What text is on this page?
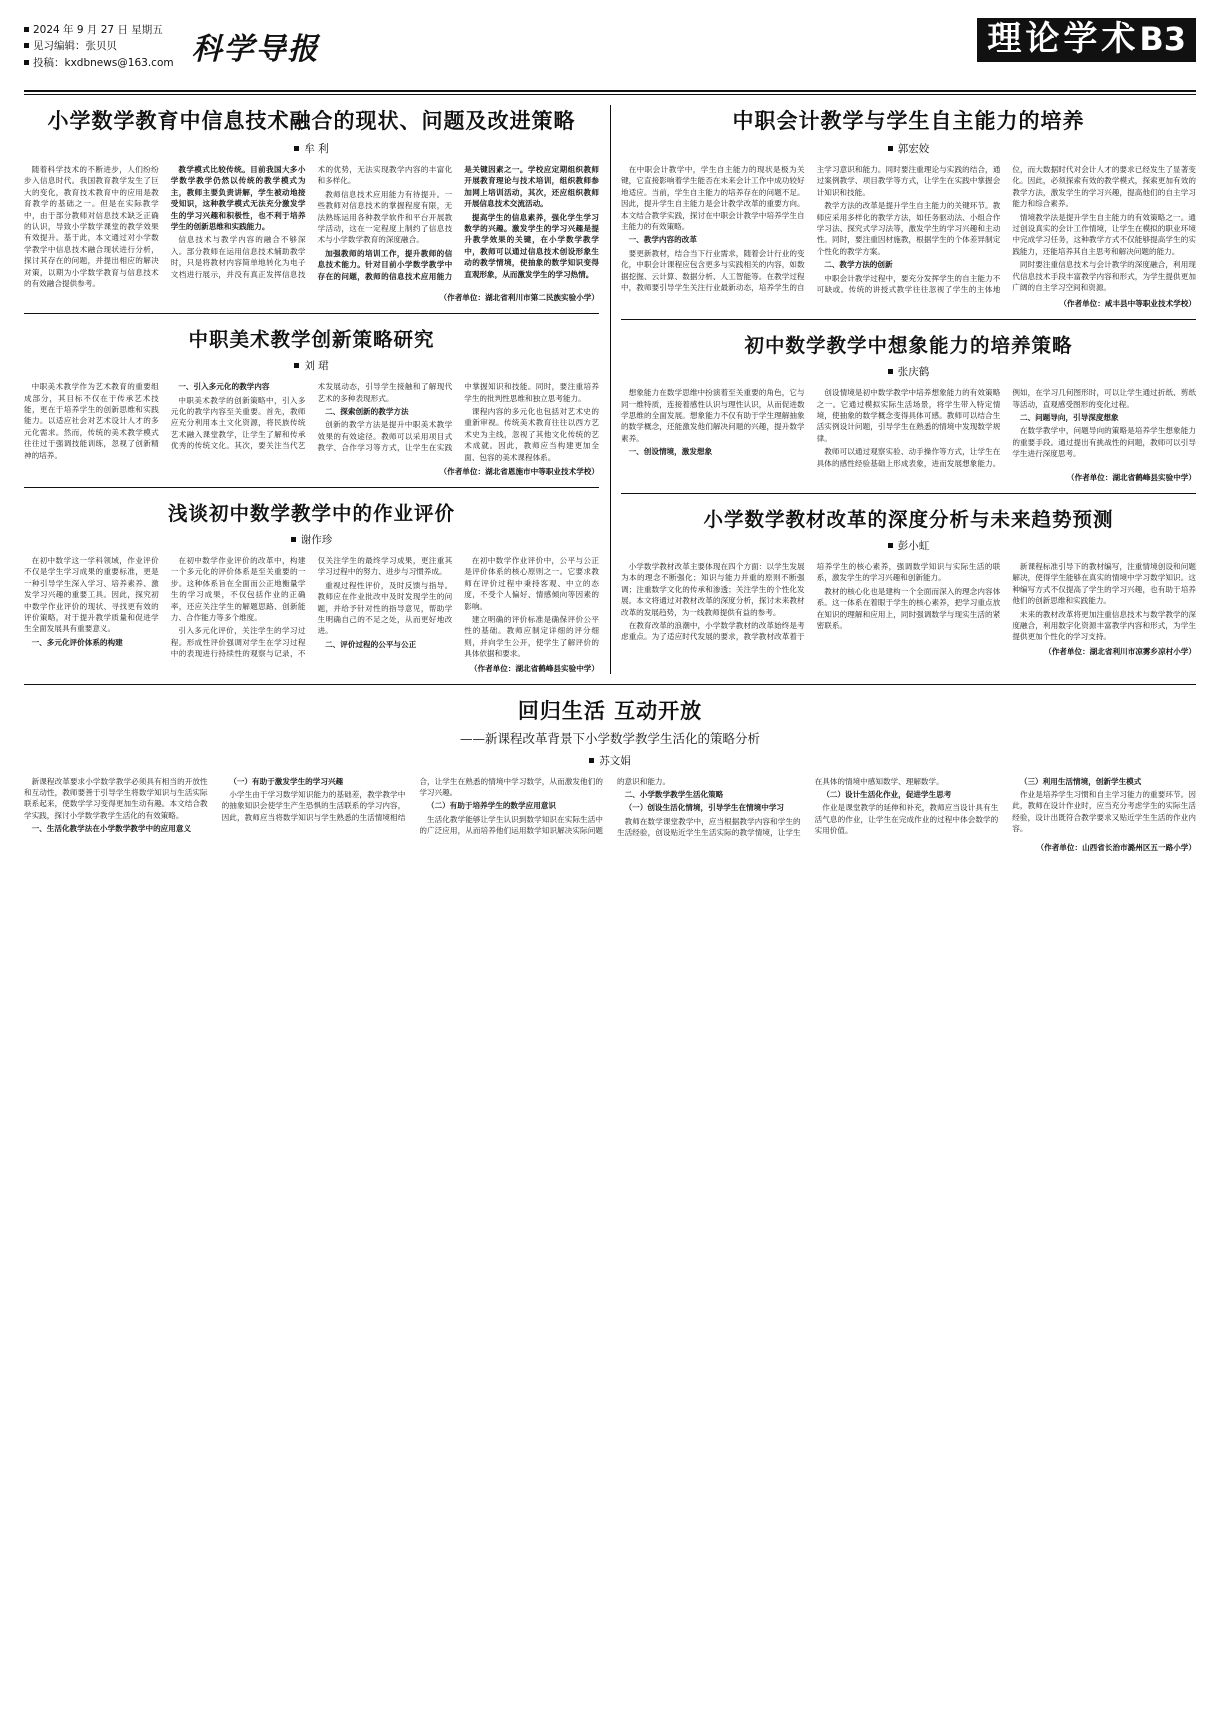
2024 年 9 月 27 日 星期五
见习编辑：张贝贝
投稿：kxdbnews@163.com 科学导报	理论学术B3
小学数学教育中信息技术融合的现状、问题及改进策略
牟 利

随着科学技术的不断进步，人们纷纷步入信息时代。我国教育教学发生了巨大的变化，教育技术教育中的应用是教育教学的基础之一。但是在实际教学中，由于部分教师对信息技术缺乏正确的认识，导致小学数学课堂的教学效果有效提升。基于此，本文通过对小学数学教学中信息技术融合现状进行分析，探讨其存在的问题，并提出相应的解决对策，以期为小学数学教育与信息技术的有效融合提供参考。

教学模式比较传统。目前我国大多小学数学教学仍然以传统的教学模式为主，教师主要负责讲解，学生被动地接受知识，这种教学模式无法充分激发学生的学习兴趣和积极性，也不利于培养学生的创新思维和实践能力。

信息技术与教学内容的融合不够深入。部分教师在运用信息技术辅助教学时，只是将教材内容简单地转化为电子文档进行展示，并没有真正发挥信息技术的优势，无法实现教学内容的丰富化和多样化。

教师信息技术应用能力有待提升。一些教师对信息技术的掌握程度有限，无法熟练运用各种教学软件和平台开展教学活动，这在一定程度上制约了信息技术与小学数学教育的深度融合。

加强教师的培训工作，提升教师的信息技术能力。针对目前小学数学教学中存在的问题，教师的信息技术应用能力是关键因素之一。学校应定期组织教师开展教育理论与技术培训，组织教师参加网上培训活动，其次，还应组织教师开展信息技术交流活动。

提高学生的信息素养，强化学生学习数学的兴趣。激发学生的学习兴趣是提升教学效果的关键，在小学数学教学中，教师可以通过信息技术创设形象生动的教学情境，使抽象的数学知识变得直观形象，从而激发学生的学习热情。

（作者单位：湖北省利川市第二民族实验小学）
中职美术教学创新策略研究
刘 珺

中职美术教学作为艺术教育的重要组成部分，其目标不仅在于传承艺术技能，更在于培养学生的创新思维和实践能力。以适应社会对艺术设计人才的多元化需求。然而，传统的美术教学模式往往过于强调技能训练，忽视了创新精神的培养。

一、引入多元化的教学内容

中职美术教学的创新策略中，引入多元化的教学内容至关重要。首先，教师应充分利用本土文化资源，将民族传统艺术融入课堂教学，让学生了解和传承优秀的传统文化。其次，要关注当代艺术发展动态，引导学生接触和了解现代艺术的多种表现形式。

二、探索创新的教学方法

创新的教学方法是提升中职美术教学效果的有效途径。教师可以采用项目式教学、合作学习等方式，让学生在实践中掌握知识和技能。同时，要注重培养学生的批判性思维和独立思考能力。

课程内容的多元化也包括对艺术史的重新审视。传统美术教育往往以西方艺术史为主线，忽视了其他文化传统的艺术成就。因此，教师应当构建更加全面、包容的美术课程体系。

（作者单位：湖北省恩施市中等职业技术学校）
浅谈初中数学教学中的作业评价
谢作珍

在初中数学这一学科领域，作业评价不仅是学生学习成果的重要标准，更是一种引导学生深入学习、培养素养、激发学习兴趣的重要工具。因此，探究初中数学作业评价的现状、寻找更有效的评价策略，对于提升教学质量和促进学生全面发展具有重要意义。

一、多元化评价体系的构建

在初中数学作业评价的改革中，构建一个多元化的评价体系是至关重要的一步。这种体系旨在全面而公正地衡量学生的学习成果，不仅包括作业的正确率，还应关注学生的解题思路、创新能力、合作能力等多个维度。

引入多元化评价，关注学生的学习过程。形成性评价强调对学生在学习过程中的表现进行持续性的观察与记录，不仅关注学生的最终学习成果，更注重其学习过程中的努力、进步与习惯养成。

重视过程性评价，及时反馈与指导。教师应在作业批改中及时发现学生的问题，并给予针对性的指导意见，帮助学生明确自己的不足之处，从而更好地改进。

二、评价过程的公平与公正

在初中数学作业评价中，公平与公正是评价体系的核心原则之一。它要求教师在评价过程中秉持客观、中立的态度，不受个人偏好、情感倾向等因素的影响。

建立明确的评价标准是确保评价公平性的基础。教师应制定详细的评分细则，并向学生公开，使学生了解评价的具体依据和要求。

（作者单位：湖北省鹤峰县实验中学）
中职会计教学与学生自主能力的培养
郭宏姣

在中职会计教学中，学生自主能力的现状是极为关键，它直接影响着学生能否在未来会计工作中成功较好地适应。当前，学生自主能力的培养存在的问题不足。因此，提升学生自主能力是会计教学改革的重要方向。本文结合教学实践，探讨在中职会计教学中培养学生自主能力的有效策略。

一、教学内容的改革

要更新教材，结合当下行业需求，随着会计行业的变化，中职会计课程应包含更多与实践相关的内容，如数据挖掘、云计算、数据分析、人工智能等。在教学过程中，教师要引导学生关注行业最新动态，培养学生的自主学习意识和能力。同时要注重理论与实践的结合，通过案例教学、项目教学等方式，让学生在实践中掌握会计知识和技能。

教学方法的改革是提升学生自主能力的关键环节。教师应采用多样化的教学方法，如任务驱动法、小组合作学习法、探究式学习法等，激发学生的学习兴趣和主动性。同时，要注重因材施教，根据学生的个体差异制定个性化的教学方案。

二、教学方法的创新

中职会计教学过程中，要充分发挥学生的自主能力不可缺或。传统的讲授式教学往往忽视了学生的主体地位，而大数据时代对会计人才的要求已经发生了显著变化。因此，必须探索有效的教学模式，探索更加有效的教学方法，激发学生的学习兴趣，提高他们的自主学习能力和综合素养。

情境教学法是提升学生自主能力的有效策略之一。通过创设真实的会计工作情境，让学生在模拟的职业环境中完成学习任务，这种教学方式不仅能够提高学生的实践能力，还能培养其自主思考和解决问题的能力。

同时要注重信息技术与会计教学的深度融合，利用现代信息技术手段丰富教学内容和形式，为学生提供更加广阔的自主学习空间和资源。

（作者单位：咸丰县中等职业技术学校）
初中数学教学中想象能力的培养策略
张庆鹤

想象能力在数学思维中扮演着至关重要的角色，它与同一维特质，连接着感性认识与理性认识，从而促进数学思维的全面发展。想象能力不仅有助于学生理解抽象的数学概念，还能激发他们解决问题的兴趣，提升数学素养。

一、创设情境，激发想象

创设情境是初中数学教学中培养想象能力的有效策略之一。它通过模拟实际生活场景，将学生带入特定情境，使抽象的数学概念变得具体可感。教师可以结合生活实例设计问题，引导学生在熟悉的情境中发现数学规律。

教师可以通过观察实验、动手操作等方式，让学生在具体的感性经验基础上形成表象，进而发展想象能力。例如，在学习几何图形时，可以让学生通过折纸、剪纸等活动，直观感受图形的变化过程。

二、问题导向，引导深度想象

在数学教学中，问题导向的策略是培养学生想象能力的重要手段。通过提出有挑战性的问题，教师可以引导学生进行深度思考。

（作者单位：湖北省鹤峰县实验中学）
小学数学教材改革的深度分析与未来趋势预测
彭小虹

小学数学教材改革主要体现在四个方面：以学生发展为本的理念不断强化；知识与能力并重的原则不断强调；注重数学文化的传承和渗透；关注学生的个性化发展。本文将通过对教材改革的深度分析，探讨未来教材改革的发展趋势，为一线教师提供有益的参考。

在教育改革的浪潮中，小学数学教材的改革始终是考虑重点。为了适应时代发展的要求，教学教材改革着于培养学生的核心素养，强调数学知识与实际生活的联系，激发学生的学习兴趣和创新能力。

教材的核心化也是建构一个全面而深入的理念内容体系。这一体系在着眼于学生的核心素养，把学习重点放在知识的理解和应用上，同时强调数学与现实生活的紧密联系。

新课程标准引导下的教材编写，注重情境创设和问题解决，使得学生能够在真实的情境中学习数学知识。这种编写方式不仅提高了学生的学习兴趣，也有助于培养他们的创新思维和实践能力。

未来的教材改革将更加注重信息技术与数学教学的深度融合，利用数字化资源丰富教学内容和形式，为学生提供更加个性化的学习支持。

（作者单位：湖北省利川市凉雾乡凉村小学）
回归生活 互动开放
——新课程改革背景下小学数学教学生活化的策略分析
苏文娟

新课程改革要求小学数学教学必须具有相当的开放性和互动性，教师要善于引导学生将数学知识与生活实际联系起来，使数学学习变得更加生动有趣。本文结合教学实践，探讨小学数学教学生活化的有效策略。

一、生活化教学法在小学数学教学中的应用意义

（一）有助于激发学生的学习兴趣

小学生由于学习数学知识能力的基础差，教学教学中的抽象知识会使学生产生恐惧的生活联系的学习内容，因此，教师应当将数学知识与学生熟悉的生活情境相结合，让学生在熟悉的情境中学习数学，从而激发他们的学习兴趣。

（二）有助于培养学生的数学应用意识

生活化教学能够让学生认识到数学知识在实际生活中的广泛应用，从而培养他们运用数学知识解决实际问题的意识和能力。

二、小学数学教学生活化策略

（一）创设生活化情境，引导学生在情境中学习

教师在数学课堂教学中，应当根据教学内容和学生的生活经验，创设贴近学生生活实际的教学情境，让学生在具体的情境中感知数学、理解数学。

（二）设计生活化作业，促进学生思考

作业是课堂教学的延伸和补充，教师应当设计具有生活气息的作业，让学生在完成作业的过程中体会数学的实用价值。

（三）利用生活情境，创新学生模式

作业是培养学生习惯和自主学习能力的重要环节。因此，教师在设计作业时，应当充分考虑学生的实际生活经验，设计出既符合教学要求又贴近学生生活的作业内容。

（作者单位：山西省长治市潞州区五一路小学）
